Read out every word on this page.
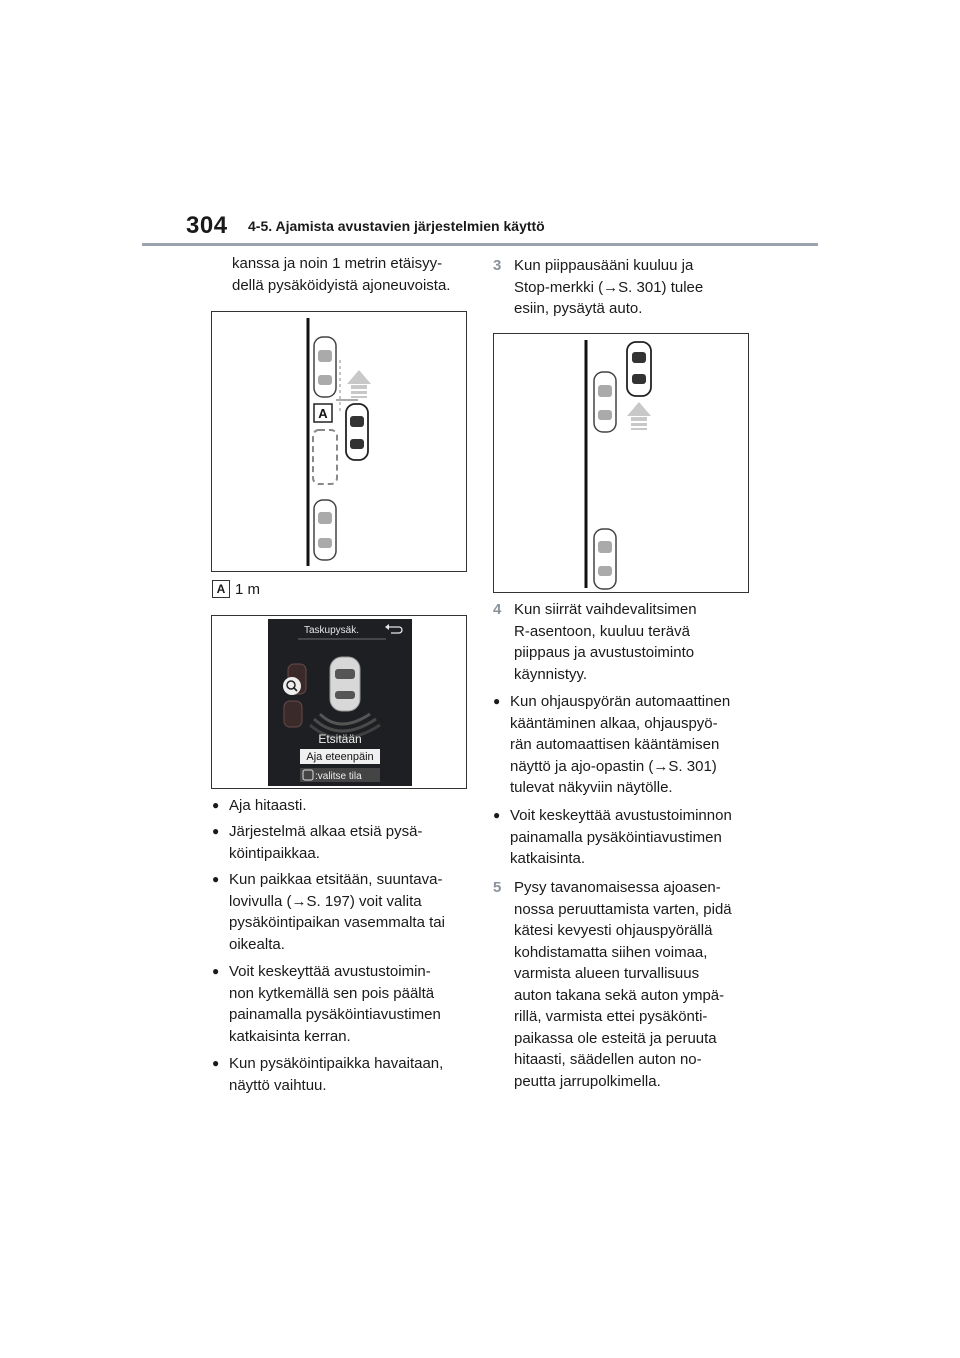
304 4-5. Ajamista avustavien järjestelmien käyttö
kanssa ja noin 1 metrin etäisyy-
dellä pysäköidyistä ajoneuvoista.
A
A 1 m
Taskupysäk.
Etsitään
Aja eteenpäin
:valitse tila
● Aja hitaasti.
● Järjestelmä alkaa etsiä pysä-
köintipaikkaa.
● Kun paikkaa etsitään, suuntava-
lovivulla (→S. 197) voit valita
pysäköintipaikan vasemmalta tai
oikealta.
● Voit keskeyttää avustustoimin-
non kytkemällä sen pois päältä
painamalla pysäköintiavustimen
katkaisinta kerran.
● Kun pysäköintipaikka havaitaan,
näyttö vaihtuu.
3 Kun piippausääni kuuluu ja
Stop-merkki (→S. 301) tulee
esiin, pysäytä auto.
4 Kun siirrät vaihdevalitsimen
R-asentoon, kuuluu terävä
piippaus ja avustustoiminto
käynnistyy.
● Kun ohjauspyörän automaattinen
kääntäminen alkaa, ohjauspyö-
rän automaattisen kääntämisen
näyttö ja ajo-opastin (→S. 301)
tulevat näkyviin näytölle.
● Voit keskeyttää avustustoiminnon
painamalla pysäköintiavustimen
katkaisinta.
5 Pysy tavanomaisessa ajoasen-
nossa peruuttamista varten, pidä
kätesi kevyesti ohjauspyörällä
kohdistamatta siihen voimaa,
varmista alueen turvallisuus
auton takana sekä auton ympä-
rillä, varmista ettei pysäkönti-
paikassa ole esteitä ja peruuta
hitaasti, säädellen auton no-
peutta jarrupolkimella.
